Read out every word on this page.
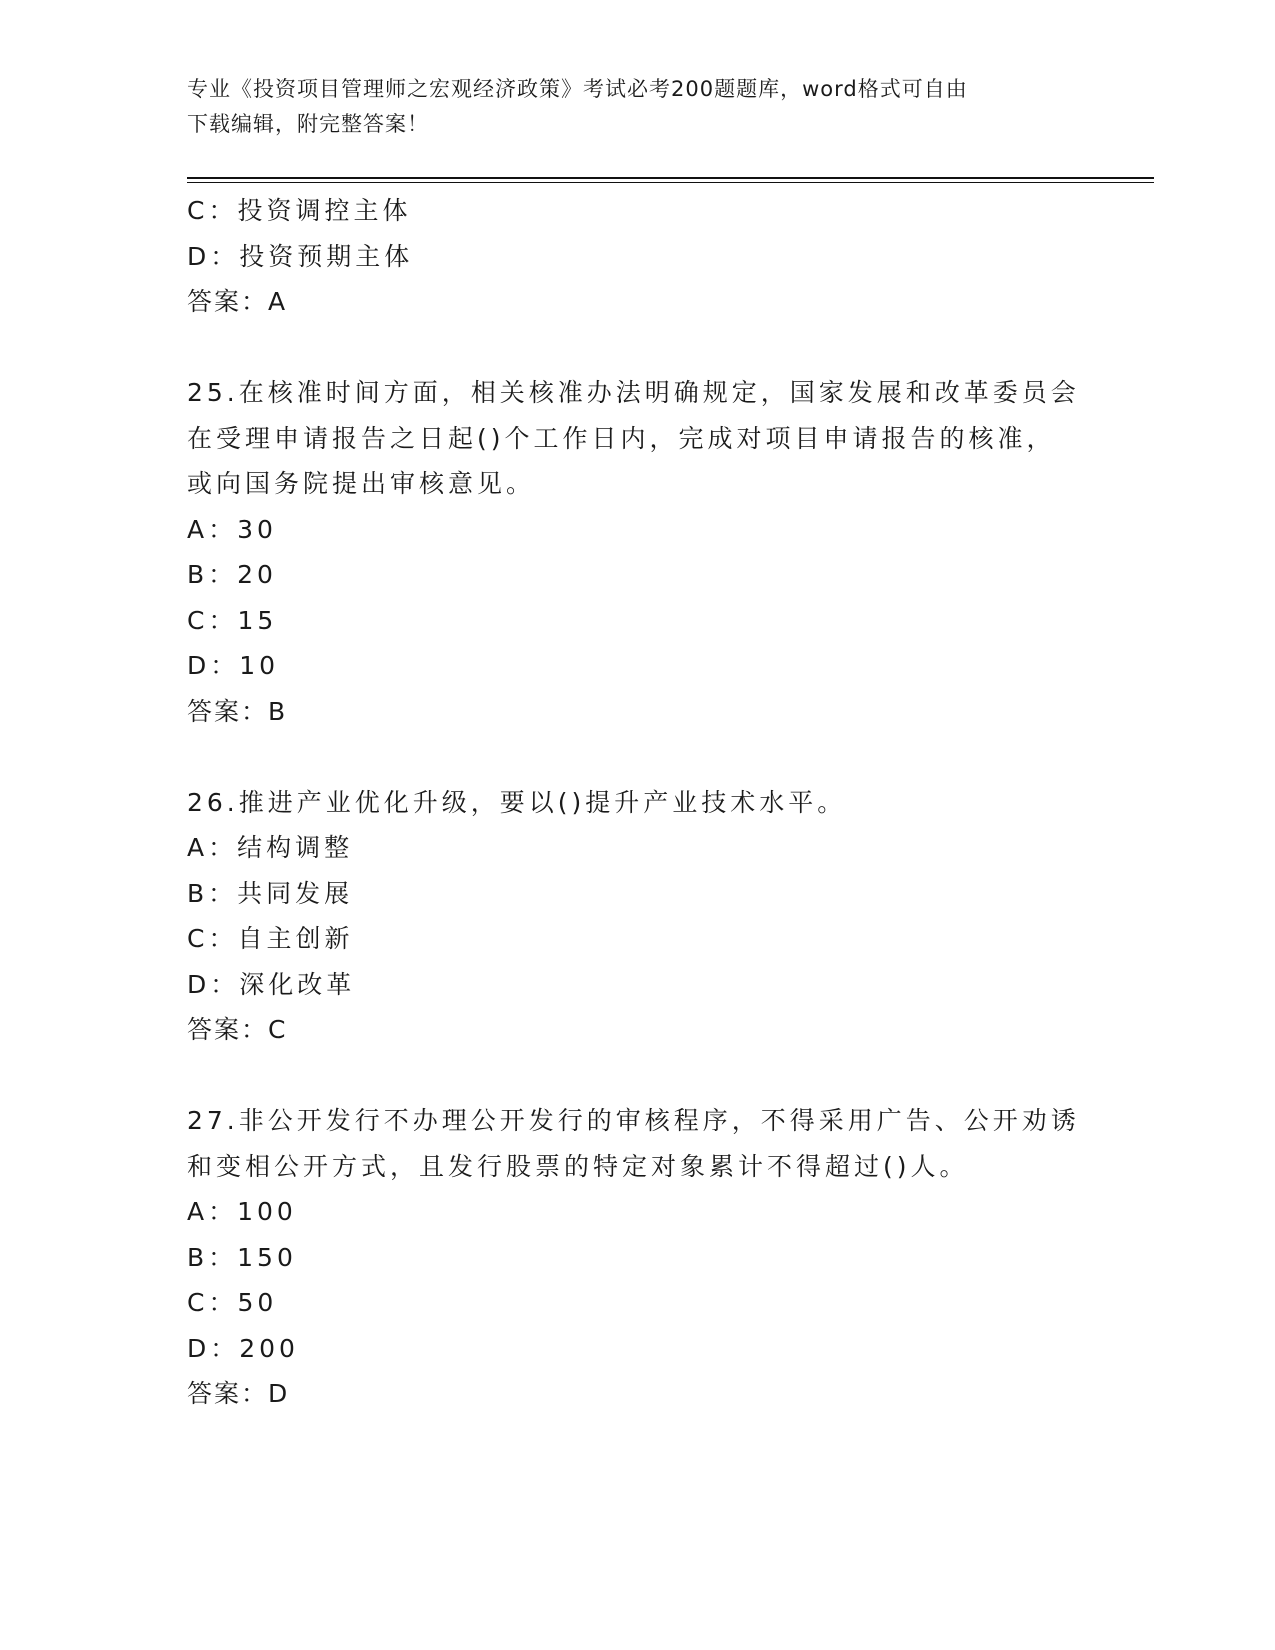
专业《投资项目管理师之宏观经济政策》考试必考200题题库，word格式可自由
下载编辑，附完整答案！
C：投资调控主体
D：投资预期主体
答案：A
25.在核准时间方面，相关核准办法明确规定，国家发展和改革委员会
在受理申请报告之日起()个工作日内，完成对项目申请报告的核准，
或向国务院提出审核意见。
A：30
B：20
C：15
D：10
答案：B
26.推进产业优化升级，要以()提升产业技术水平。
A：结构调整
B：共同发展
C：自主创新
D：深化改革
答案：C
27.非公开发行不办理公开发行的审核程序，不得采用广告、公开劝诱
和变相公开方式，且发行股票的特定对象累计不得超过()人。
A：100
B：150
C：50
D：200
答案：D
